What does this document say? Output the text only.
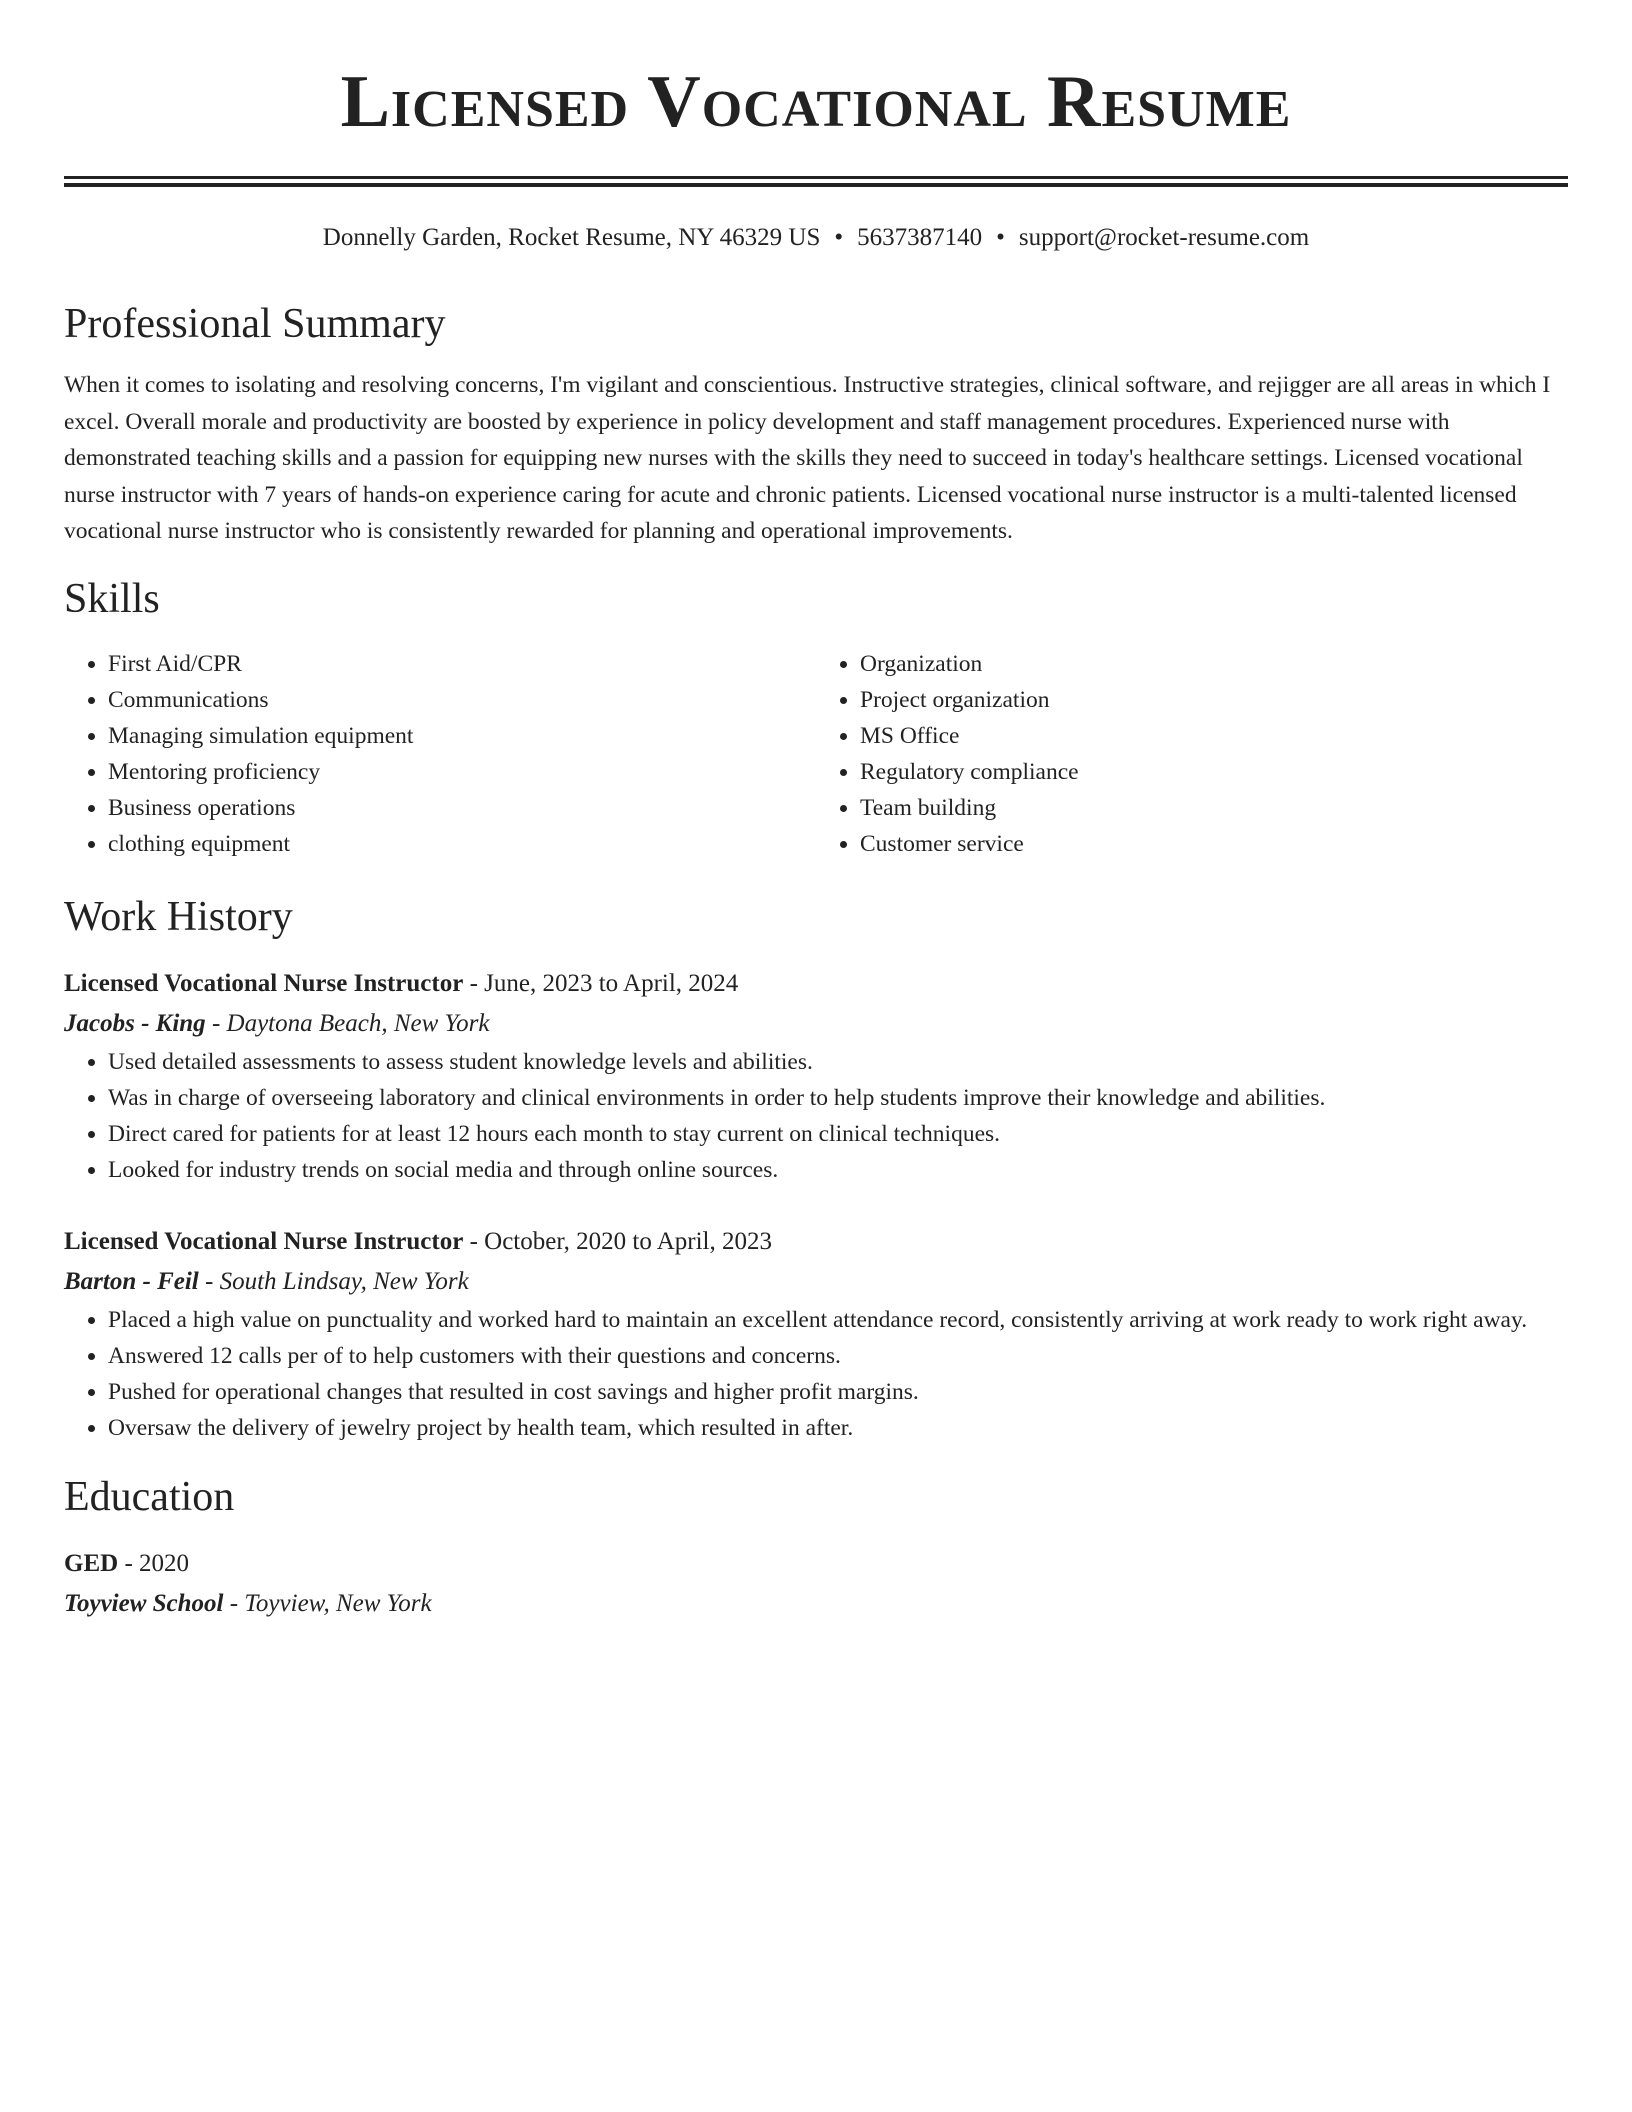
Licensed Vocational Resume
Donnelly Garden, Rocket Resume, NY 46329 US • 5637387140 • support@rocket-resume.com
Professional Summary

When it comes to isolating and resolving concerns, I'm vigilant and conscientious. Instructive strategies, clinical software, and rejigger are all areas in which I excel. Overall morale and productivity are boosted by experience in policy development and staff management procedures. Experienced nurse with demonstrated teaching skills and a passion for equipping new nurses with the skills they need to succeed in today's healthcare settings. Licensed vocational nurse instructor with 7 years of hands-on experience caring for acute and chronic patients. Licensed vocational nurse instructor is a multi-talented licensed vocational nurse instructor who is consistently rewarded for planning and operational improvements.

Skills
• First Aid/CPR
• Communications
• Managing simulation equipment
• Mentoring proficiency
• Business operations
• clothing equipment
• Organization
• Project organization
• MS Office
• Regulatory compliance
• Team building
• Customer service
Work History
Licensed Vocational Nurse Instructor - June, 2023 to April, 2024
Jacobs - King - Daytona Beach, New York
• Used detailed assessments to assess student knowledge levels and abilities.
• Was in charge of overseeing laboratory and clinical environments in order to help students improve their knowledge and abilities.
• Direct cared for patients for at least 12 hours each month to stay current on clinical techniques.
• Looked for industry trends on social media and through online sources.
Licensed Vocational Nurse Instructor - October, 2020 to April, 2023
Barton - Feil - South Lindsay, New York
• Placed a high value on punctuality and worked hard to maintain an excellent attendance record, consistently arriving at work ready to work right away.
• Answered 12 calls per of to help customers with their questions and concerns.
• Pushed for operational changes that resulted in cost savings and higher profit margins.
• Oversaw the delivery of jewelry project by health team, which resulted in after.
Education
GED - 2020
Toyview School - Toyview, New York
